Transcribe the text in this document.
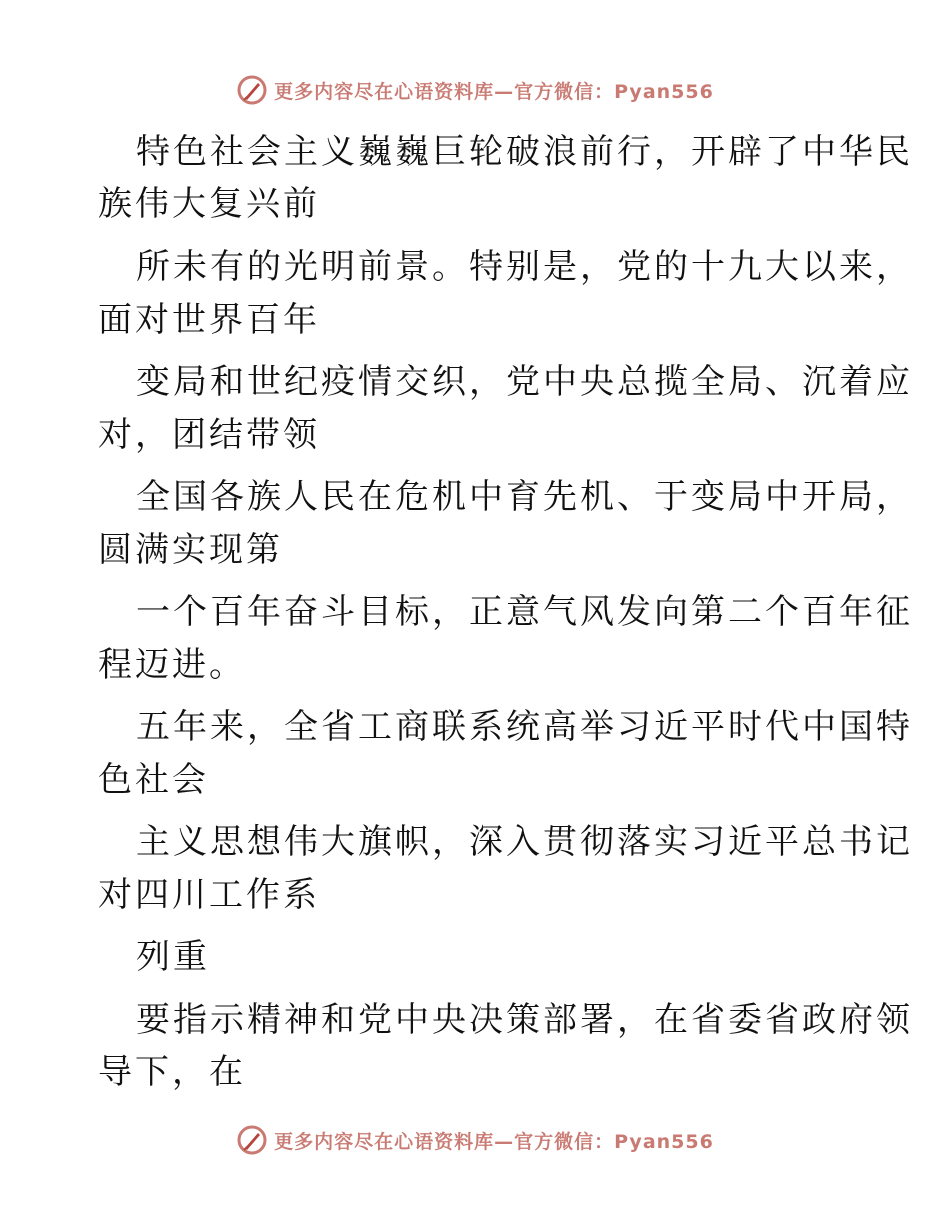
更多内容尽在心语资料库—官方微信：Pyan556
特色社会主义巍巍巨轮破浪前行，开辟了中华民
族伟大复兴前
所未有的光明前景。特别是，党的十九大以来，
面对世界百年
变局和世纪疫情交织，党中央总揽全局、沉着应
对，团结带领
全国各族人民在危机中育先机、于变局中开局，
圆满实现第
一个百年奋斗目标，正意气风发向第二个百年征
程迈进。
五年来，全省工商联系统高举习近平时代中国特
色社会
主义思想伟大旗帜，深入贯彻落实习近平总书记
对四川工作系
列重
要指示精神和党中央决策部署，在省委省政府领
导下，在
更多内容尽在心语资料库—官方微信：Pyan556
